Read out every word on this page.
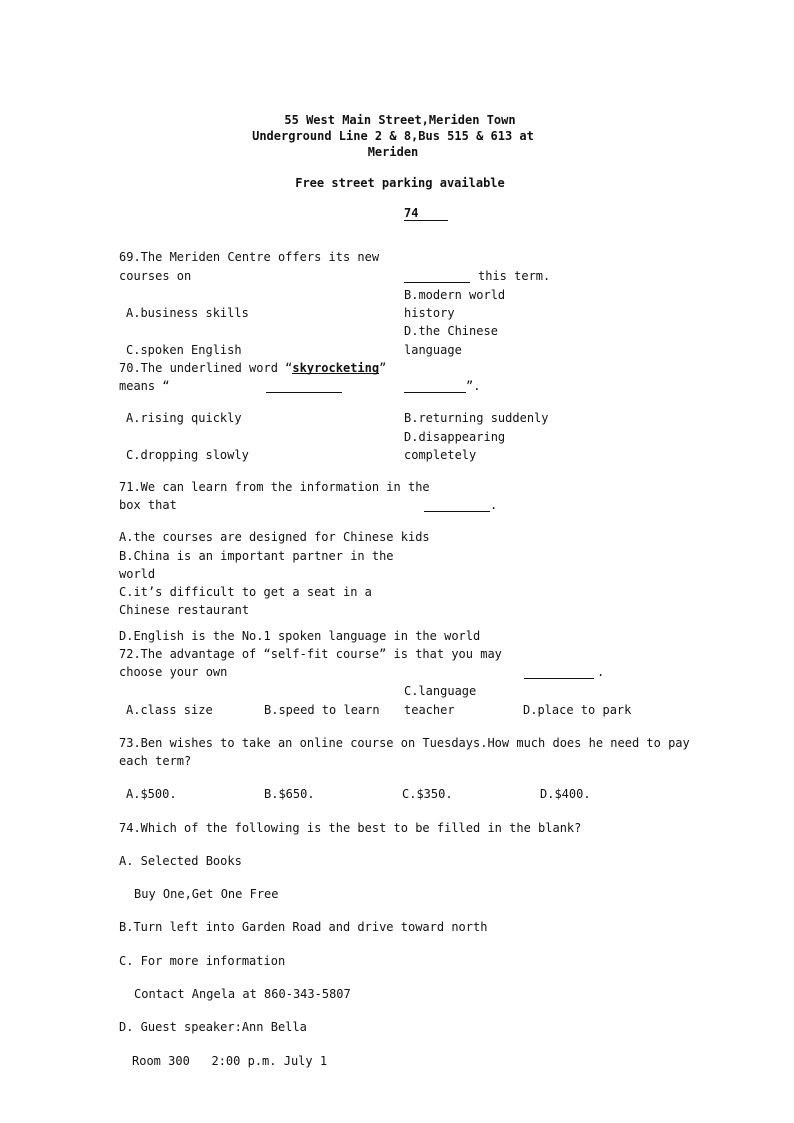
55 West Main Street,Meriden Town
Underground Line 2 & 8,Bus 515 & 613 at
Meriden
Free street parking available
74
69.The Meriden Centre offers its new
courses on	this term.
B.modern world
A.business skills	history
D.the Chinese
C.spoken English	language
70.The underlined word “skyrocketing”
means “	”.
A.rising quickly	B.returning suddenly
D.disappearing
C.dropping slowly	completely
71.We can learn from the information in the
box that	.
A.the courses are designed for Chinese kids
B.China is an important partner in the
world
C.it’s difficult to get a seat in a
Chinese restaurant
D.English is the No.1 spoken language in the world
72.The advantage of “self-fit course” is that you may
choose your own	.
C.language
A.class size	B.speed to learn teacher	D.place to park
73.Ben wishes to take an online course on Tuesdays.How much does he need to pay
each term?
A.$500.	B.$650.	C.$350.	D.$400.
74.Which of the following is the best to be filled in the blank?
A. Selected Books
Buy One,Get One Free
B.Turn left into Garden Road and drive toward north
C. For more information
Contact Angela at 860-343-5807
D. Guest speaker:Ann Bella
Room 300   2:00 p.m. July 1
